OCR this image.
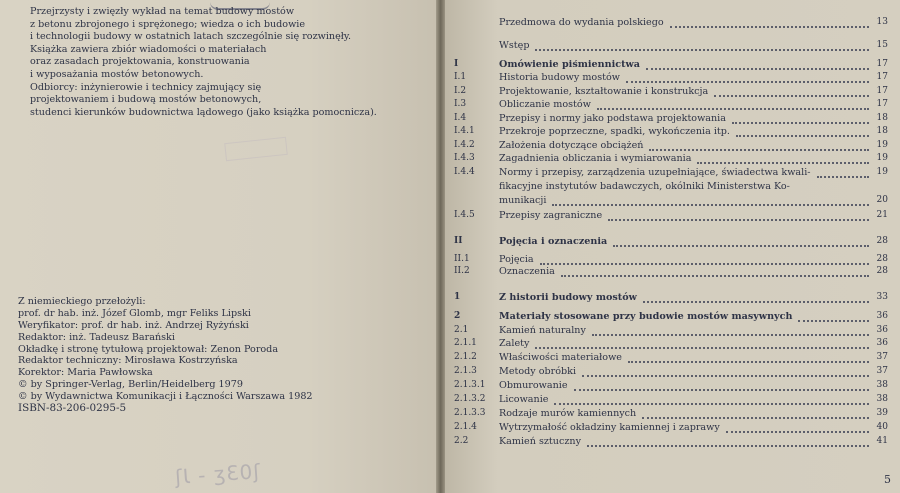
Przejrzysty i zwięzły wykład na temat budowy mostów
z betonu zbrojonego i sprężonego; wiedza o ich budowie
i technologii budowy w ostatnich latach szczególnie się rozwinęły.
Książka zawiera zbiór wiadomości o materiałach
oraz zasadach projektowania, konstruowania
i wyposażania mostów betonowych.
Odbiorcy: inżynierowie i technicy zajmujący się
projektowaniem i budową mostów betonowych,
studenci kierunków budownictwa lądowego (jako książka pomocnicza).
Z niemieckiego przełożyli:
prof. dr hab. inż. Józef Glomb, mgr Feliks Lipski
Weryfikator: prof. dr hab. inż. Andrzej Ryżyński
Redaktor: inż. Tadeusz Barański
Okładkę i stronę tytułową projektował: Zenon Poroda
Redaktor techniczny: Mirosława Kostrzyńska
Korektor: Maria Pawłowska
© by Springer-Verlag, Berlin/Heidelberg 1979
© by Wydawnictwa Komunikacji i Łączności Warszawa 1982
ISBN-83-206-0295-5
ʃƖ - ʒƐ0ʃ
Przedmowa do wydania polskiego	13
Wstęp	15
I	Omówienie piśmiennictwa	17
I.1	Historia budowy mostów	17
I.2	Projektowanie, kształtowanie i konstrukcja	17
I.3	Obliczanie mostów	17
I.4	Przepisy i normy jako podstawa projektowania	18
I.4.1	Przekroje poprzeczne, spadki, wykończenia itp.	18
I.4.2	Założenia dotyczące obciążeń	19
I.4.3	Zagadnienia obliczania i wymiarowania	19
I.4.4	Normy i przepisy, zarządzenia uzupełniające, świadectwa kwali-	19
fikacyjne instytutów badawczych, okólniki Ministerstwa Ko-
munikacji	20
I.4.5	Przepisy zagraniczne	21
II	Pojęcia i oznaczenia	28
II.1	Pojęcia	28
II.2	Oznaczenia	28
1	Z historii budowy mostów	33
2	Materiały stosowane przy budowie mostów masywnych	36
2.1	Kamień naturalny	36
2.1.1	Zalety	36
2.1.2	Właściwości materiałowe	37
2.1.3	Metody obróbki	37
2.1.3.1	Obmurowanie	38
2.1.3.2	Licowanie	38
2.1.3.3	Rodzaje murów kamiennych	39
2.1.4	Wytrzymałość okładziny kamiennej i zaprawy	40
2.2	Kamień sztuczny	41
5
